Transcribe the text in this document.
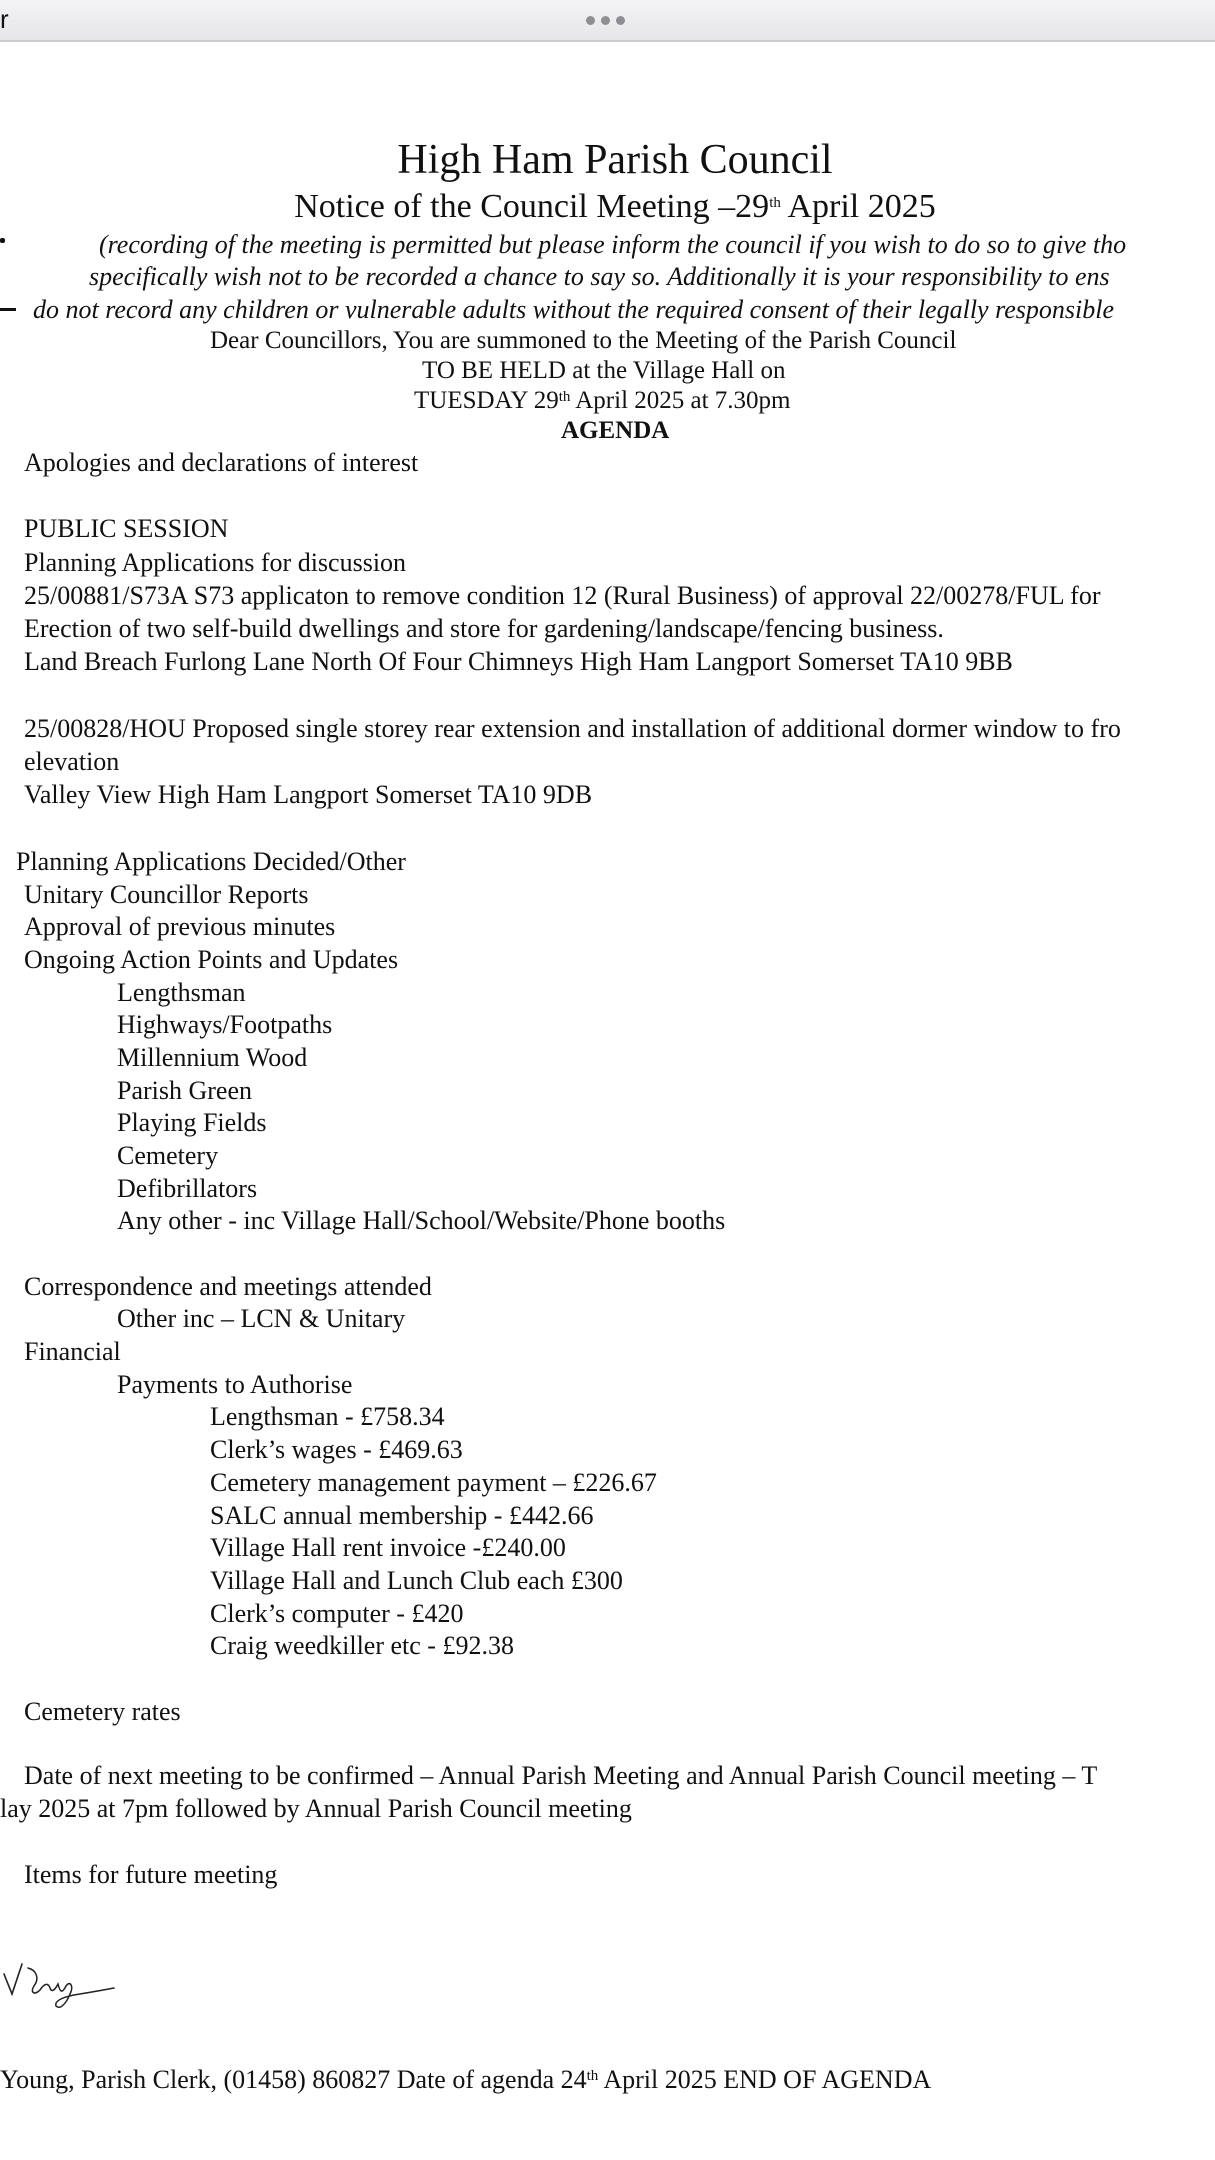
r
High Ham Parish Council
Notice of the Council Meeting –29th April 2025
(recording of the meeting is permitted but please inform the council if you wish to do so to give tho
specifically wish not to be recorded a chance to say so. Additionally it is your responsibility to ens
do not record any children or vulnerable adults without the required consent of their legally responsible
Dear Councillors, You are summoned to the Meeting of the Parish Council
TO BE HELD at the Village Hall on
TUESDAY 29th April 2025 at 7.30pm
AGENDA
Apologies and declarations of interest
PUBLIC SESSION
Planning Applications for discussion
25/00881/S73A S73 applicaton to remove condition 12 (Rural Business) of approval 22/00278/FUL for
Erection of two self-build dwellings and store for gardening/landscape/fencing business.
Land Breach Furlong Lane North Of Four Chimneys High Ham Langport Somerset TA10 9BB
25/00828/HOU Proposed single storey rear extension and installation of additional dormer window to fro
elevation
Valley View High Ham Langport Somerset TA10 9DB
Planning Applications Decided/Other
Unitary Councillor Reports
Approval of previous minutes
Ongoing Action Points and Updates
Lengthsman
Highways/Footpaths
Millennium Wood
Parish Green
Playing Fields
Cemetery
Defibrillators
Any other - inc Village Hall/School/Website/Phone booths
Correspondence and meetings attended
Other inc – LCN & Unitary
Financial
Payments to Authorise
Lengthsman - £758.34
Clerk’s wages - £469.63
Cemetery management payment – £226.67
SALC annual membership - £442.66
Village Hall rent invoice -£240.00
Village Hall and Lunch Club each £300
Clerk’s computer - £420
Craig weedkiller etc - £92.38
Cemetery rates
Date of next meeting to be confirmed – Annual Parish Meeting and Annual Parish Council meeting – T
lay 2025 at 7pm followed by Annual Parish Council meeting
Items for future meeting
Young, Parish Clerk, (01458) 860827 Date of agenda 24th April 2025 END OF AGENDA
